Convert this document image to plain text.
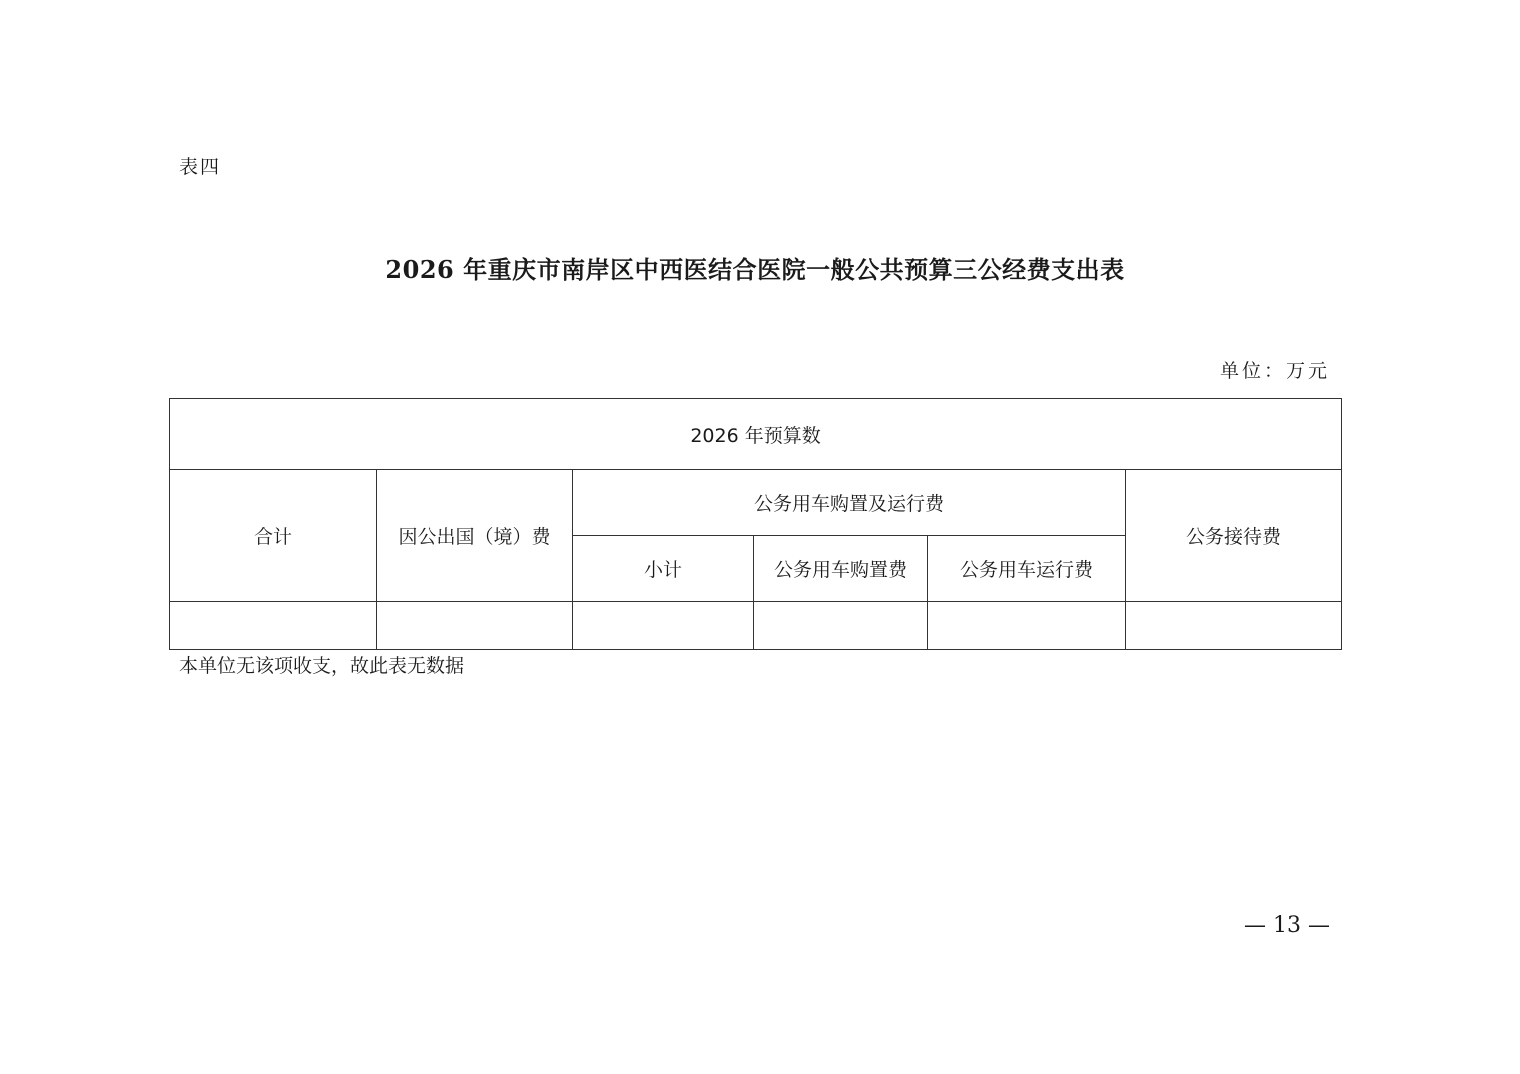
表四
2026 年重庆市南岸区中西医结合医院一般公共预算三公经费支出表
单位：万元
2026 年预算数					
合计	因公出国（境）费	公务用车购置及运行费			公务接待费
		小计	公务用车购置费	公务用车运行费	

本单位无该项收支，故此表无数据
— 13 —
